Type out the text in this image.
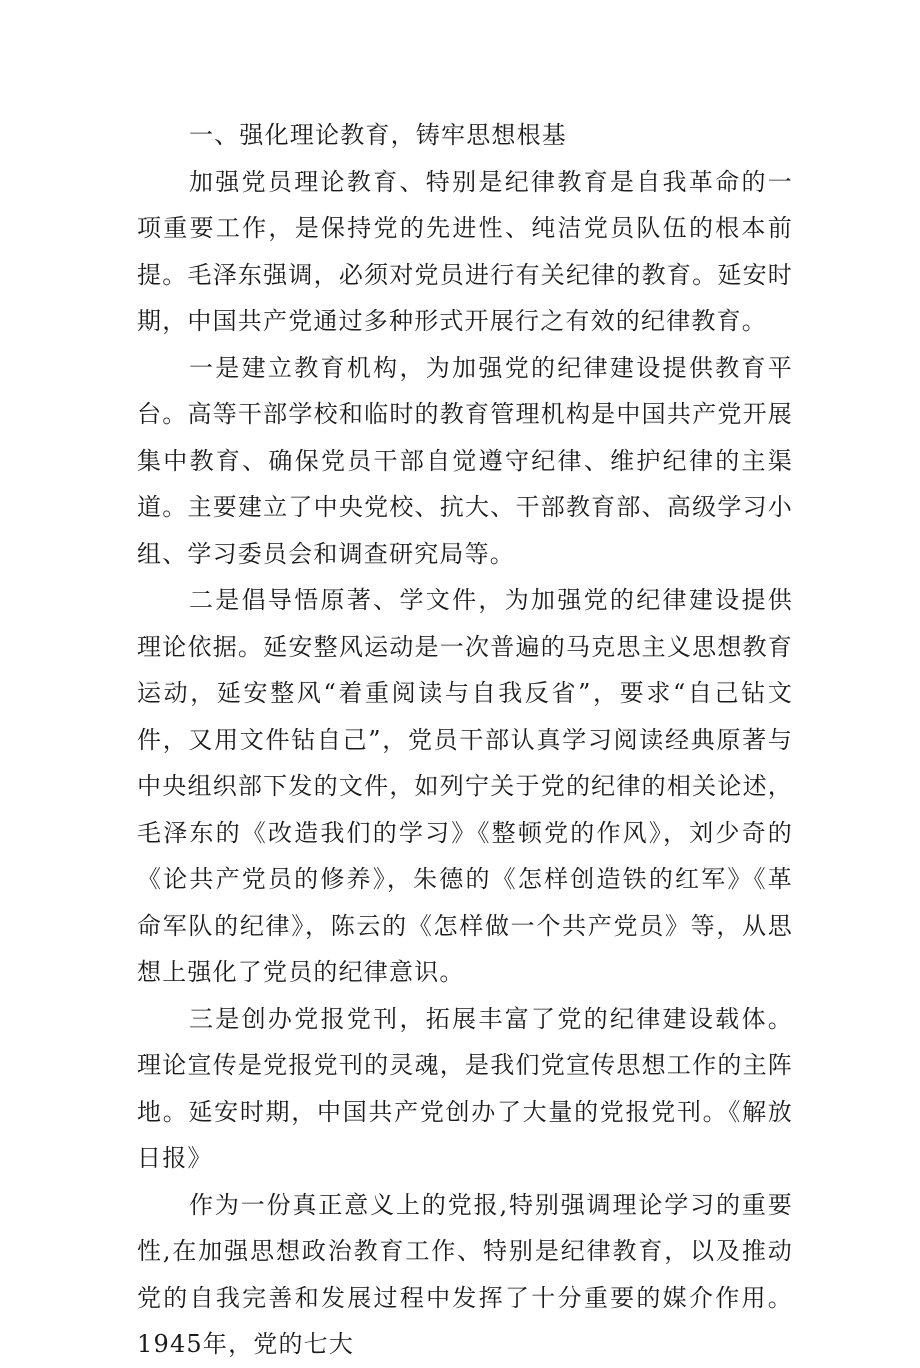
一、强化理论教育，铸牢思想根基

加强党员理论教育、特别是纪律教育是自我革命的一项重要工作，是保持党的先进性、纯洁党员队伍的根本前提。毛泽东强调，必须对党员进行有关纪律的教育。延安时期，中国共产党通过多种形式开展行之有效的纪律教育。

一是建立教育机构，为加强党的纪律建设提供教育平台。高等干部学校和临时的教育管理机构是中国共产党开展集中教育、确保党员干部自觉遵守纪律、维护纪律的主渠道。主要建立了中央党校、抗大、干部教育部、高级学习小组、学习委员会和调查研究局等。

二是倡导悟原著、学文件，为加强党的纪律建设提供理论依据。延安整风运动是一次普遍的马克思主义思想教育运动，延安整风“着重阅读与自我反省”，要求“自己钻文件，又用文件钻自己”，党员干部认真学习阅读经典原著与中央组织部下发的文件，如列宁关于党的纪律的相关论述，毛泽东的《改造我们的学习》《整顿党的作风》，刘少奇的《论共产党员的修养》，朱德的《怎样创造铁的红军》《革命军队的纪律》，陈云的《怎样做一个共产党员》等，从思想上强化了党员的纪律意识。

三是创办党报党刊，拓展丰富了党的纪律建设载体。理论宣传是党报党刊的灵魂，是我们党宣传思想工作的主阵地。延安时期，中国共产党创办了大量的党报党刊。《解放日报》

作为一份真正意义上的党报,特别强调理论学习的重要性,在加强思想政治教育工作、特别是纪律教育，以及推动党的自我完善和发展过程中发挥了十分重要的媒介作用。1945年，党的七大
